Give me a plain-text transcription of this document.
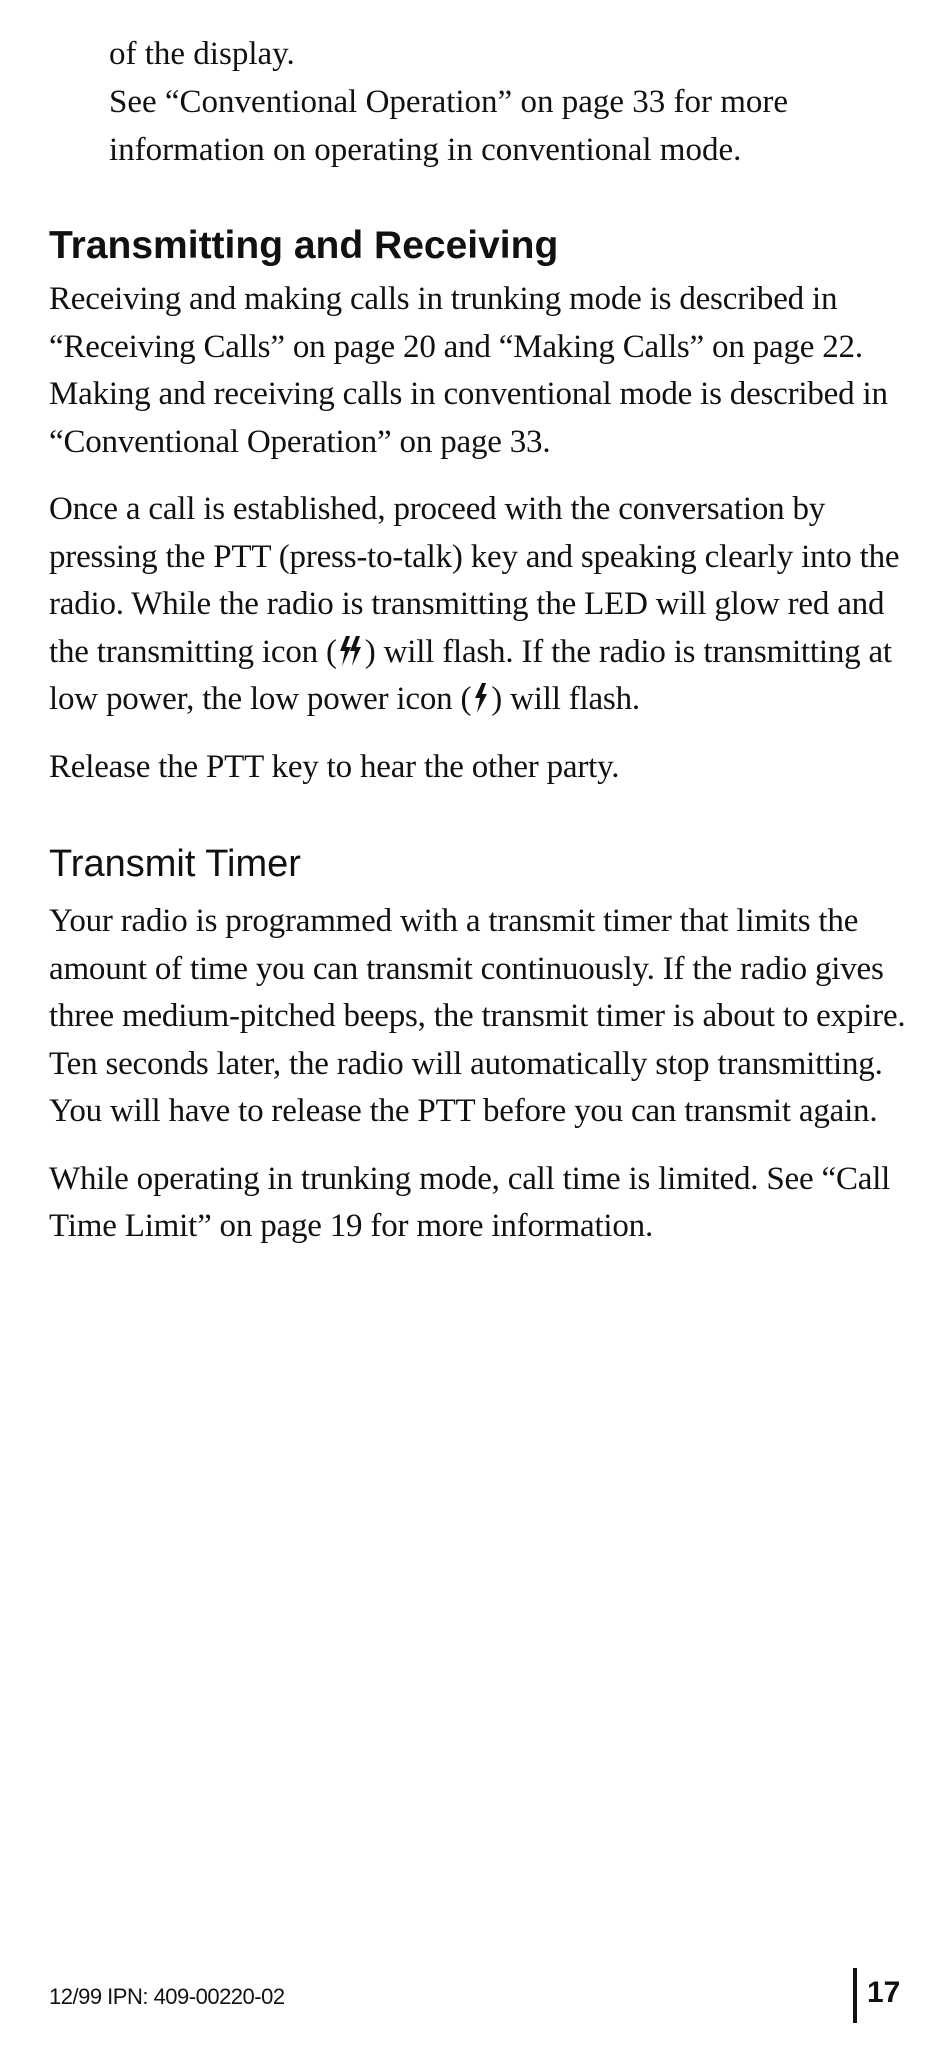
of the display.

See “Conventional Operation” on page 33 for more information on operating in conventional mode.

Transmitting and Receiving

Receiving and making calls in trunking mode is described in “Receiving Calls” on page 20 and “Making Calls” on page 22. Making and receiving calls in conventional mode is described in “Conventional Operation” on page 33.

Once a call is established, proceed with the conversation by pressing the PTT (press-to-talk) key and speaking clearly into the radio. While the radio is transmitting the LED will glow red and the transmitting icon ( ) will flash. If the radio is transmitting at low power, the low power icon ( ) will flash.

Release the PTT key to hear the other party.

Transmit Timer

Your radio is programmed with a transmit timer that limits the amount of time you can transmit continuously. If the radio gives three medium-pitched beeps, the transmit timer is about to expire. Ten seconds later, the radio will automatically stop transmitting. You will have to release the PTT before you can transmit again.

While operating in trunking mode, call time is limited. See “Call Time Limit” on page 19 for more information.

12/99 IPN: 409-00220-02	17
